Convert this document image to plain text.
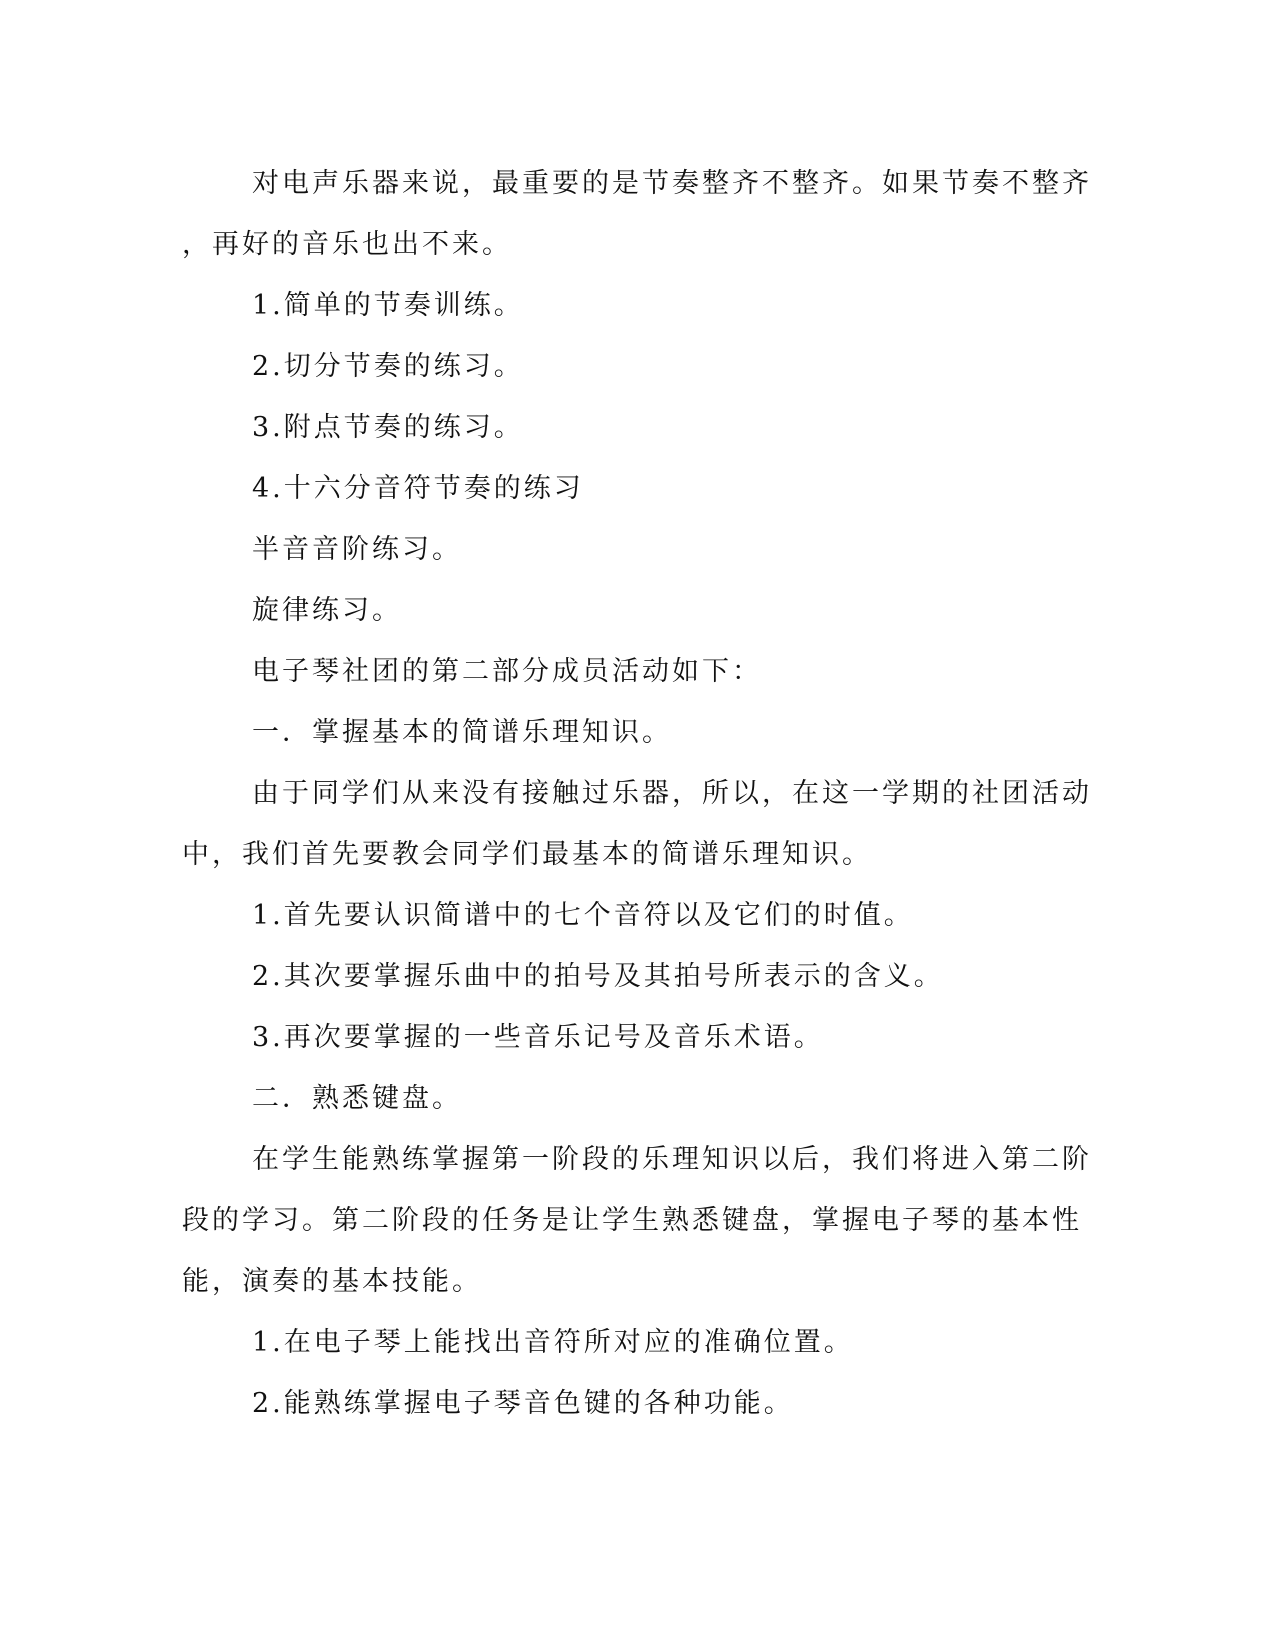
对电声乐器来说，最重要的是节奏整齐不整齐。如果节奏不整齐
，再好的音乐也出不来。
1.简单的节奏训练。
2.切分节奏的练习。
3.附点节奏的练习。
4.十六分音符节奏的练习
半音音阶练习。
旋律练习。
电子琴社团的第二部分成员活动如下：
一．掌握基本的简谱乐理知识。
由于同学们从来没有接触过乐器，所以，在这一学期的社团活动
中，我们首先要教会同学们最基本的简谱乐理知识。
1.首先要认识简谱中的七个音符以及它们的时值。
2.其次要掌握乐曲中的拍号及其拍号所表示的含义。
3.再次要掌握的一些音乐记号及音乐术语。
二．熟悉键盘。
在学生能熟练掌握第一阶段的乐理知识以后，我们将进入第二阶
段的学习。第二阶段的任务是让学生熟悉键盘，掌握电子琴的基本性
能，演奏的基本技能。
1.在电子琴上能找出音符所对应的准确位置。
2.能熟练掌握电子琴音色键的各种功能。
